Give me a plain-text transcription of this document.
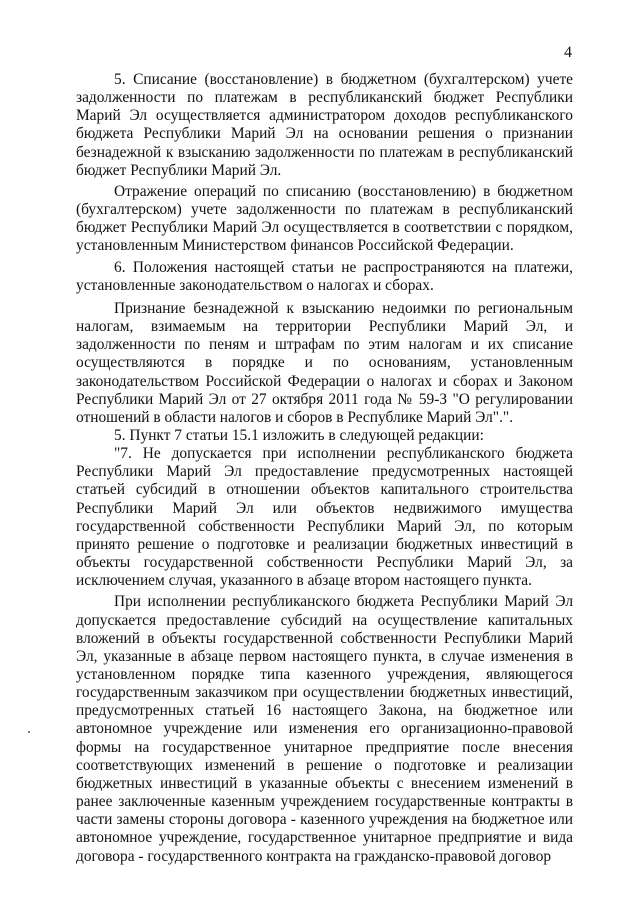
4

5. Списание (восстановление) в бюджетном (бухгалтерском) учете задолженности по платежам в республиканский бюджет Республики Марий Эл осуществляется администратором доходов республиканского бюджета Республики Марий Эл на основании решения о признании безнадежной к взысканию задолженности по платежам в республиканский бюджет Республики Марий Эл.

Отражение операций по списанию (восстановлению) в бюджетном (бухгалтерском) учете задолженности по платежам в республиканский бюджет Республики Марий Эл осуществляется в соответствии с порядком, установленным Министерством финансов Российской Федерации.

6. Положения настоящей статьи не распространяются на платежи, установленные законодательством о налогах и сборах.

Признание безнадежной к взысканию недоимки по региональным налогам, взимаемым на территории Республики Марий Эл, и задолженности по пеням и штрафам по этим налогам и их списание осуществляются в порядке и по основаниям, установленным законодательством Российской Федерации о налогах и сборах и Законом Республики Марий Эл от 27 октября 2011 года № 59-З "О регулировании отношений в области налогов и сборов в Республике Марий Эл".".

5. Пункт 7 статьи 15.1 изложить в следующей редакции:

"7. Не допускается при исполнении республиканского бюджета Республики Марий Эл предоставление предусмотренных настоящей статьей субсидий в отношении объектов капитального строительства Республики Марий Эл или объектов недвижимого имущества государственной собственности Республики Марий Эл, по которым принято решение о подготовке и реализации бюджетных инвестиций в объекты государственной собственности Республики Марий Эл, за исключением случая, указанного в абзаце втором настоящего пункта.

При исполнении республиканского бюджета Республики Марий Эл допускается предоставление субсидий на осуществление капитальных вложений в объекты государственной собственности Республики Марий Эл, указанные в абзаце первом настоящего пункта, в случае изменения в установленном порядке типа казенного учреждения, являющегося государственным заказчиком при осуществлении бюджетных инвестиций, предусмотренных статьей 16 настоящего Закона, на бюджетное или автономное учреждение или изменения его организационно-правовой формы на государственное унитарное предприятие после внесения соответствующих изменений в решение о подготовке и реализации бюджетных инвестиций в указанные объекты с внесением изменений в ранее заключенные казенным учреждением государственные контракты в части замены стороны договора - казенного учреждения на бюджетное или автономное учреждение, государственное унитарное предприятие и вида договора - государственного контракта на гражданско-правовой договор
